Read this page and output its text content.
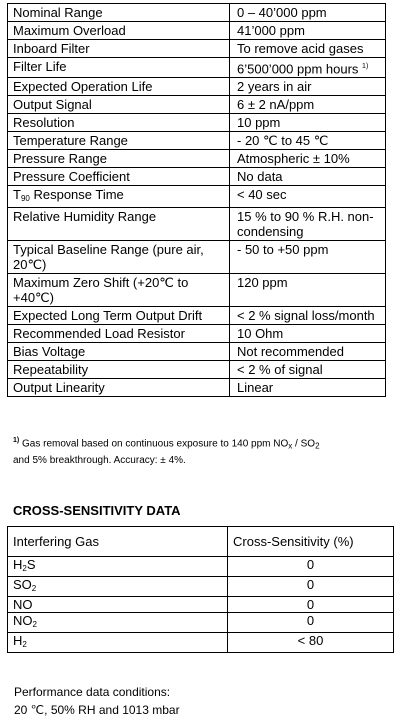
Nominal Range	0 – 40’000 ppm
Maximum Overload	41’000 ppm
Inboard Filter	To remove acid gases
Filter Life	6’500’000 ppm hours $^{1)}$
Expected Operation Life	2 years in air
Output Signal	6 ± 2 nA/ppm
Resolution	10 ppm
Temperature Range	- 20 ℃ to 45 ℃
Pressure Range	Atmospheric ± 10%
Pressure Coefficient	No data
$T_{90}$ Response Time	< 40 sec
Relative Humidity Range	15 % to 90 % R.H. non-condensing
Typical Baseline Range (pure air, 20℃)	- 50 to +50 ppm
Maximum Zero Shift (+20℃ to +40℃)	120 ppm
Expected Long Term Output Drift	< 2 % signal loss/month
Recommended Load Resistor	10 Ohm
Bias Voltage	Not recommended
Repeatability	< 2 % of signal
Output Linearity	Linear
$^{1)}$ Gas removal based on continuous exposure to 140 ppm $NO_x / SO_2$
and 5% breakthrough. Accuracy: ± 4%.
CROSS-SENSITIVITY DATA
Interfering Gas	Cross-Sensitivity (%)
$H_2S$	0
$SO_2$	0
NO	0
$NO_2$	0
$H_2$	< 80
Performance data conditions:
20 ℃, 50% RH and 1013 mbar
